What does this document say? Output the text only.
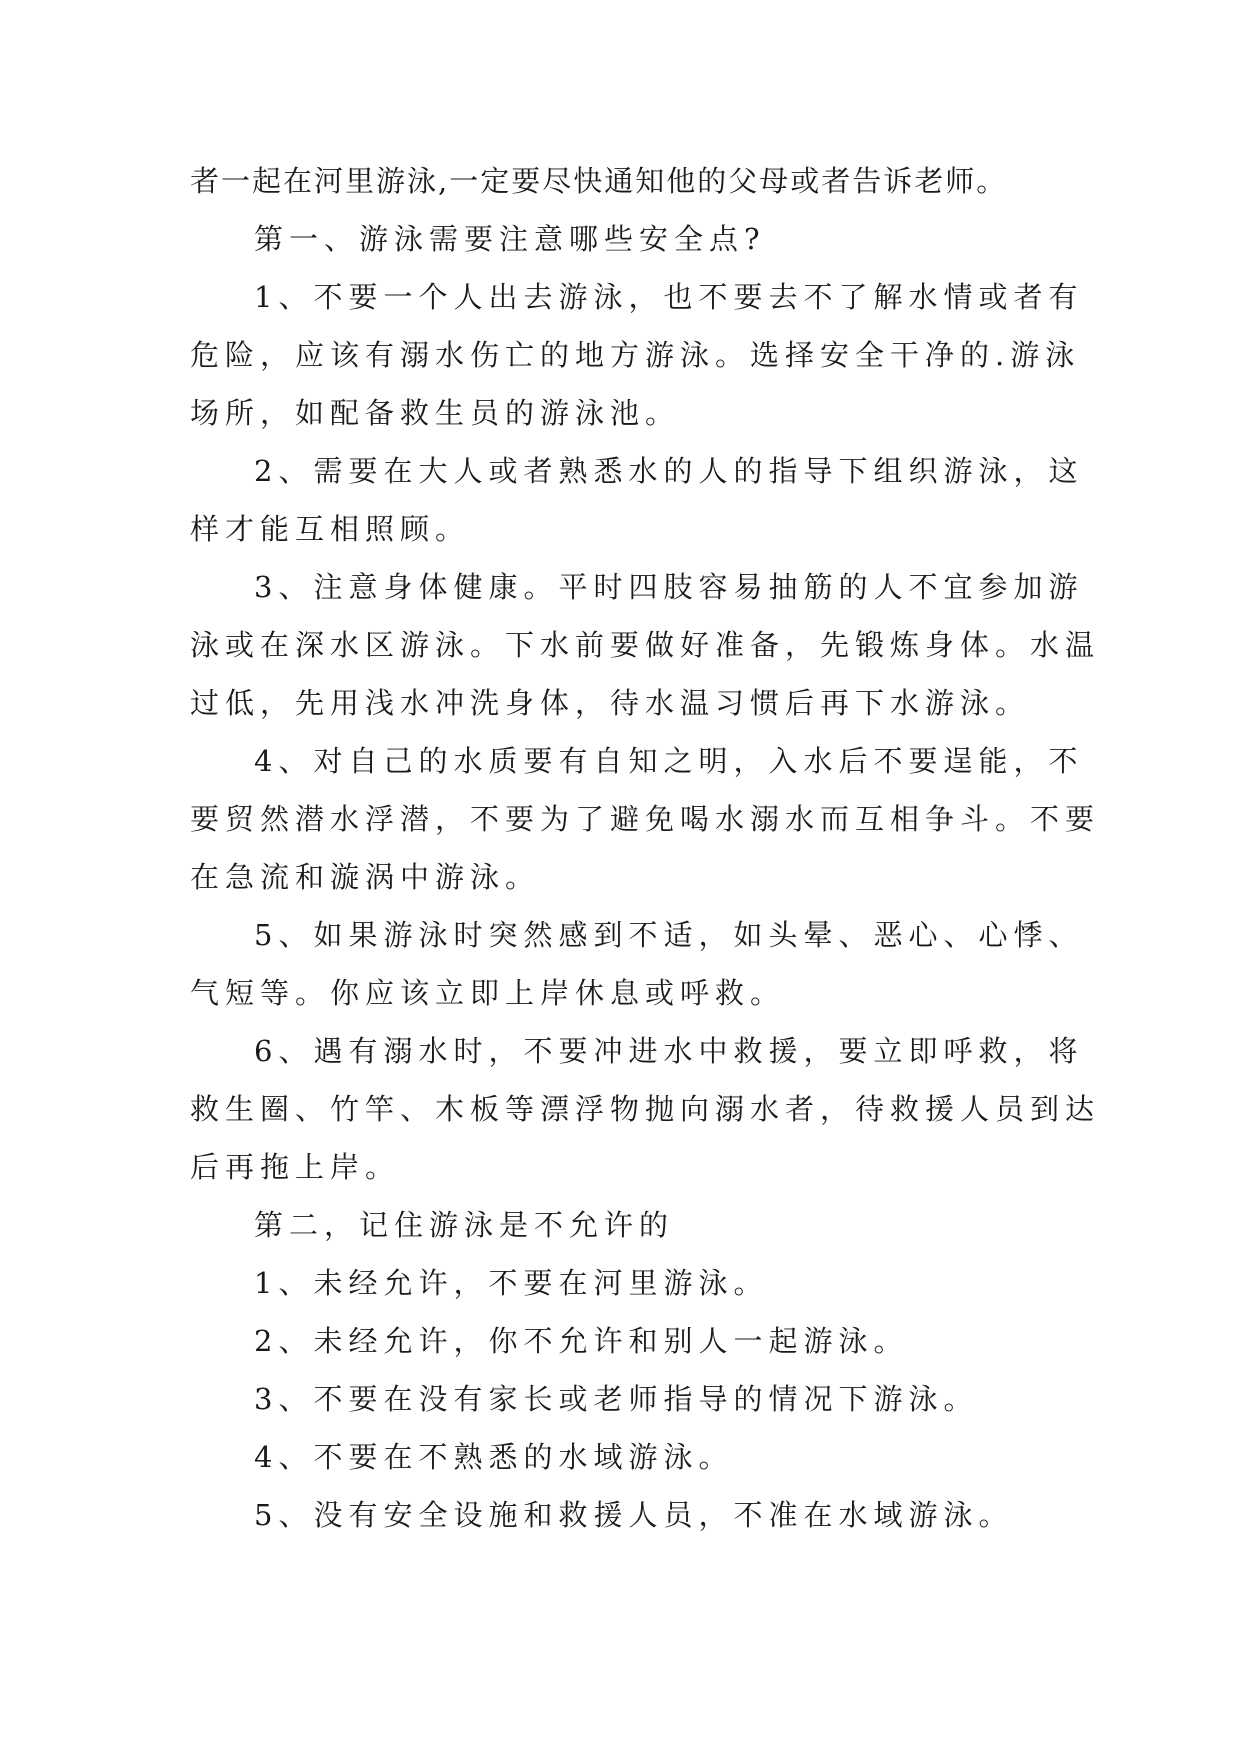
者一起在河里游泳,一定要尽快通知他的父母或者告诉老师。

第一、游泳需要注意哪些安全点?

1、不要一个人出去游泳，也不要去不了解水情或者有

危险，应该有溺水伤亡的地方游泳。选择安全干净的.游泳

场所，如配备救生员的游泳池。

2、需要在大人或者熟悉水的人的指导下组织游泳，这

样才能互相照顾。

3、注意身体健康。平时四肢容易抽筋的人不宜参加游

泳或在深水区游泳。下水前要做好准备，先锻炼身体。水温

过低，先用浅水冲洗身体，待水温习惯后再下水游泳。

4、对自己的水质要有自知之明，入水后不要逞能，不

要贸然潜水浮潜，不要为了避免喝水溺水而互相争斗。不要

在急流和漩涡中游泳。

5、如果游泳时突然感到不适，如头晕、恶心、心悸、

气短等。你应该立即上岸休息或呼救。

6、遇有溺水时，不要冲进水中救援，要立即呼救，将

救生圈、竹竿、木板等漂浮物抛向溺水者，待救援人员到达

后再拖上岸。

第二，记住游泳是不允许的

1、未经允许，不要在河里游泳。

2、未经允许，你不允许和别人一起游泳。

3、不要在没有家长或老师指导的情况下游泳。

4、不要在不熟悉的水域游泳。

5、没有安全设施和救援人员，不准在水域游泳。
